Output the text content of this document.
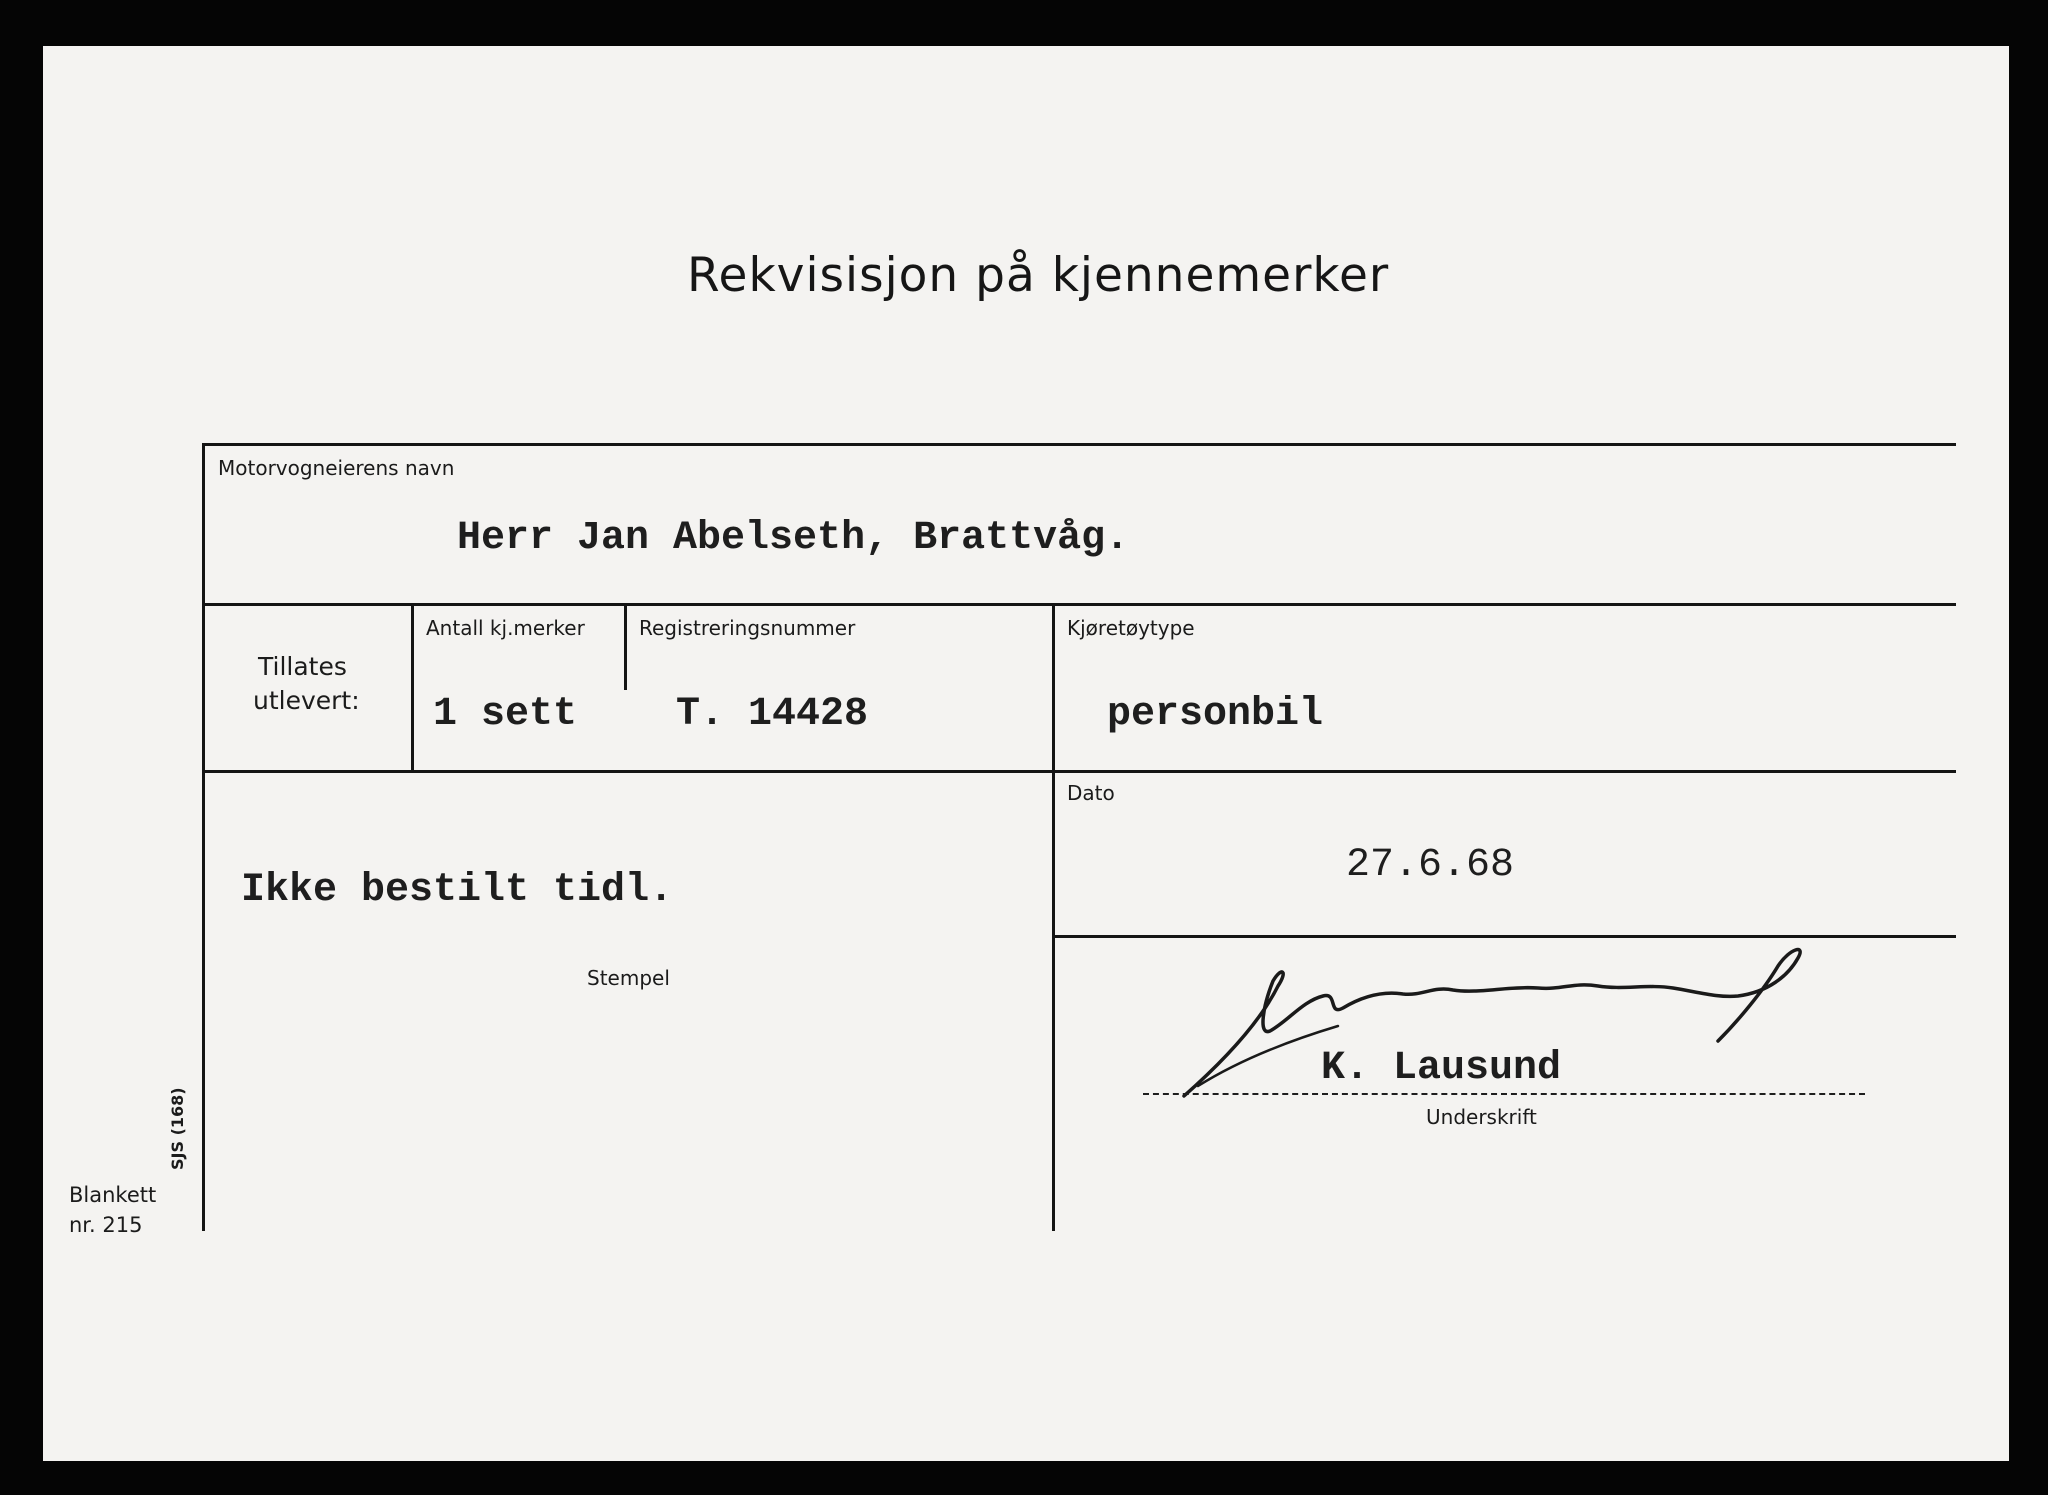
Rekvisisjon på kjennemerker
Motorvogneierens navn
Herr Jan Abelseth, Brattvåg.
Tillates
utlevert:
Antall kj.merker
1 sett
Registreringsnummer
T. 14428
Kjøretøytype
personbil
Ikke bestilt tidl.
Stempel
Dato
27.6.68
K. Lausund
Underskrift
SJS (168)
Blankett
nr. 215
